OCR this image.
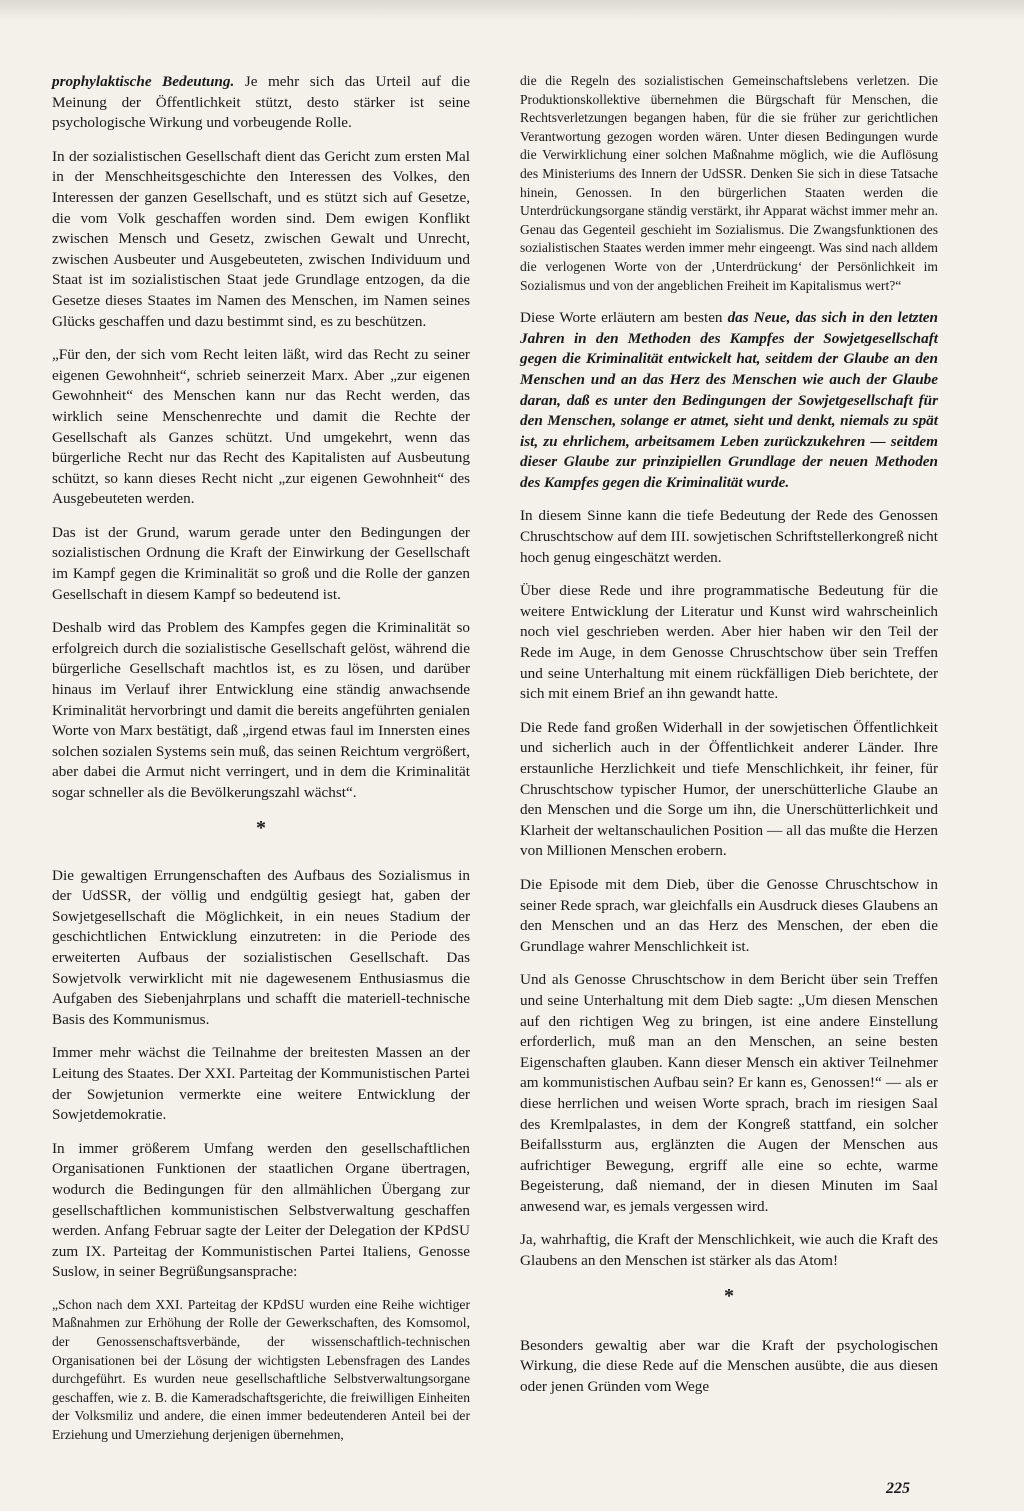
prophylaktische Bedeutung. Je mehr sich das Urteil auf die Meinung der Öffentlichkeit stützt, desto stärker ist seine psychologische Wirkung und vorbeugende Rolle.

In der sozialistischen Gesellschaft dient das Gericht zum ersten Mal in der Menschheitsgeschichte den Interessen des Volkes, den Interessen der ganzen Gesellschaft, und es stützt sich auf Gesetze, die vom Volk geschaffen worden sind. Dem ewigen Konflikt zwischen Mensch und Gesetz, zwischen Gewalt und Unrecht, zwischen Ausbeuter und Ausgebeuteten, zwischen Individuum und Staat ist im sozialistischen Staat jede Grundlage entzogen, da die Gesetze dieses Staates im Namen des Menschen, im Namen seines Glücks geschaffen und dazu bestimmt sind, es zu beschützen.

„Für den, der sich vom Recht leiten läßt, wird das Recht zu seiner eigenen Gewohnheit“, schrieb seinerzeit Marx. Aber „zur eigenen Gewohnheit“ des Menschen kann nur das Recht werden, das wirklich seine Menschenrechte und damit die Rechte der Gesellschaft als Ganzes schützt. Und umgekehrt, wenn das bürgerliche Recht nur das Recht des Kapitalisten auf Ausbeutung schützt, so kann dieses Recht nicht „zur eigenen Gewohnheit“ des Ausgebeuteten werden.

Das ist der Grund, warum gerade unter den Bedingungen der sozialistischen Ordnung die Kraft der Einwirkung der Gesellschaft im Kampf gegen die Kriminalität so groß und die Rolle der ganzen Gesellschaft in diesem Kampf so bedeutend ist.

Deshalb wird das Problem des Kampfes gegen die Kriminalität so erfolgreich durch die sozialistische Gesellschaft gelöst, während die bürgerliche Gesellschaft machtlos ist, es zu lösen, und darüber hinaus im Verlauf ihrer Entwicklung eine ständig anwachsende Kriminalität hervorbringt und damit die bereits angeführten genialen Worte von Marx bestätigt, daß „irgend etwas faul im Innersten eines solchen sozialen Systems sein muß, das seinen Reichtum vergrößert, aber dabei die Armut nicht verringert, und in dem die Kriminalität sogar schneller als die Bevölkerungszahl wächst“.

*

Die gewaltigen Errungenschaften des Aufbaus des Sozialismus in der UdSSR, der völlig und endgültig gesiegt hat, gaben der Sowjetgesellschaft die Möglichkeit, in ein neues Stadium der geschichtlichen Entwicklung einzutreten: in die Periode des erweiterten Aufbaus der sozialistischen Gesellschaft. Das Sowjetvolk verwirklicht mit nie dagewesenem Enthusiasmus die Aufgaben des Siebenjahrplans und schafft die materiell-technische Basis des Kommunismus.

Immer mehr wächst die Teilnahme der breitesten Massen an der Leitung des Staates. Der XXI. Parteitag der Kommunistischen Partei der Sowjetunion vermerkte eine weitere Entwicklung der Sowjetdemokratie.

In immer größerem Umfang werden den gesellschaftlichen Organisationen Funktionen der staatlichen Organe übertragen, wodurch die Bedingungen für den allmählichen Übergang zur gesellschaftlichen kommunistischen Selbstverwaltung geschaffen werden. Anfang Februar sagte der Leiter der Delegation der KPdSU zum IX. Parteitag der Kommunistischen Partei Italiens, Genosse Suslow, in seiner Begrüßungsansprache:

„Schon nach dem XXI. Parteitag der KPdSU wurden eine Reihe wichtiger Maßnahmen zur Erhöhung der Rolle der Gewerkschaften, des Komsomol, der Genossenschaftsverbände, der wissenschaftlich-technischen Organisationen bei der Lösung der wichtigsten Lebensfragen des Landes durchgeführt. Es wurden neue gesellschaftliche Selbstverwaltungsorgane geschaffen, wie z. B. die Kameradschaftsgerichte, die freiwilligen Einheiten der Volksmiliz und andere, die einen immer bedeutenderen Anteil bei der Erziehung und Umerziehung derjenigen übernehmen,

die die Regeln des sozialistischen Gemeinschaftslebens verletzen. Die Produktionskollektive übernehmen die Bürgschaft für Menschen, die Rechtsverletzungen begangen haben, für die sie früher zur gerichtlichen Verantwortung gezogen worden wären. Unter diesen Bedingungen wurde die Verwirklichung einer solchen Maßnahme möglich, wie die Auflösung des Ministeriums des Innern der UdSSR. Denken Sie sich in diese Tatsache hinein, Genossen. In den bürgerlichen Staaten werden die Unterdrückungsorgane ständig verstärkt, ihr Apparat wächst immer mehr an. Genau das Gegenteil geschieht im Sozialismus. Die Zwangsfunktionen des sozialistischen Staates werden immer mehr eingeengt. Was sind nach alldem die verlogenen Worte von der ‚Unterdrückung‘ der Persönlichkeit im Sozialismus und von der angeblichen Freiheit im Kapitalismus wert?“

Diese Worte erläutern am besten das Neue, das sich in den letzten Jahren in den Methoden des Kampfes der Sowjetgesellschaft gegen die Kriminalität entwickelt hat, seitdem der Glaube an den Menschen und an das Herz des Menschen wie auch der Glaube daran, daß es unter den Bedingungen der Sowjetgesellschaft für den Menschen, solange er atmet, sieht und denkt, niemals zu spät ist, zu ehrlichem, arbeitsamem Leben zurückzukehren — seitdem dieser Glaube zur prinzipiellen Grundlage der neuen Methoden des Kampfes gegen die Kriminalität wurde.

In diesem Sinne kann die tiefe Bedeutung der Rede des Genossen Chruschtschow auf dem III. sowjetischen Schriftstellerkongreß nicht hoch genug eingeschätzt werden.

Über diese Rede und ihre programmatische Bedeutung für die weitere Entwicklung der Literatur und Kunst wird wahrscheinlich noch viel geschrieben werden. Aber hier haben wir den Teil der Rede im Auge, in dem Genosse Chruschtschow über sein Treffen und seine Unterhaltung mit einem rückfälligen Dieb berichtete, der sich mit einem Brief an ihn gewandt hatte.

Die Rede fand großen Widerhall in der sowjetischen Öffentlichkeit und sicherlich auch in der Öffentlichkeit anderer Länder. Ihre erstaunliche Herzlichkeit und tiefe Menschlichkeit, ihr feiner, für Chruschtschow typischer Humor, der unerschütterliche Glaube an den Menschen und die Sorge um ihn, die Unerschütterlichkeit und Klarheit der weltanschaulichen Position — all das mußte die Herzen von Millionen Menschen erobern.

Die Episode mit dem Dieb, über die Genosse Chruschtschow in seiner Rede sprach, war gleichfalls ein Ausdruck dieses Glaubens an den Menschen und an das Herz des Menschen, der eben die Grundlage wahrer Menschlichkeit ist.

Und als Genosse Chruschtschow in dem Bericht über sein Treffen und seine Unterhaltung mit dem Dieb sagte: „Um diesen Menschen auf den richtigen Weg zu bringen, ist eine andere Einstellung erforderlich, muß man an den Menschen, an seine besten Eigenschaften glauben. Kann dieser Mensch ein aktiver Teilnehmer am kommunistischen Aufbau sein? Er kann es, Genossen!“ — als er diese herrlichen und weisen Worte sprach, brach im riesigen Saal des Kremlpalastes, in dem der Kongreß stattfand, ein solcher Beifallssturm aus, erglänzten die Augen der Menschen aus aufrichtiger Bewegung, ergriff alle eine so echte, warme Begeisterung, daß niemand, der in diesen Minuten im Saal anwesend war, es jemals vergessen wird.

Ja, wahrhaftig, die Kraft der Menschlichkeit, wie auch die Kraft des Glaubens an den Menschen ist stärker als das Atom!

*

Besonders gewaltig aber war die Kraft der psychologischen Wirkung, die diese Rede auf die Menschen ausübte, die aus diesen oder jenen Gründen vom Wege

225
